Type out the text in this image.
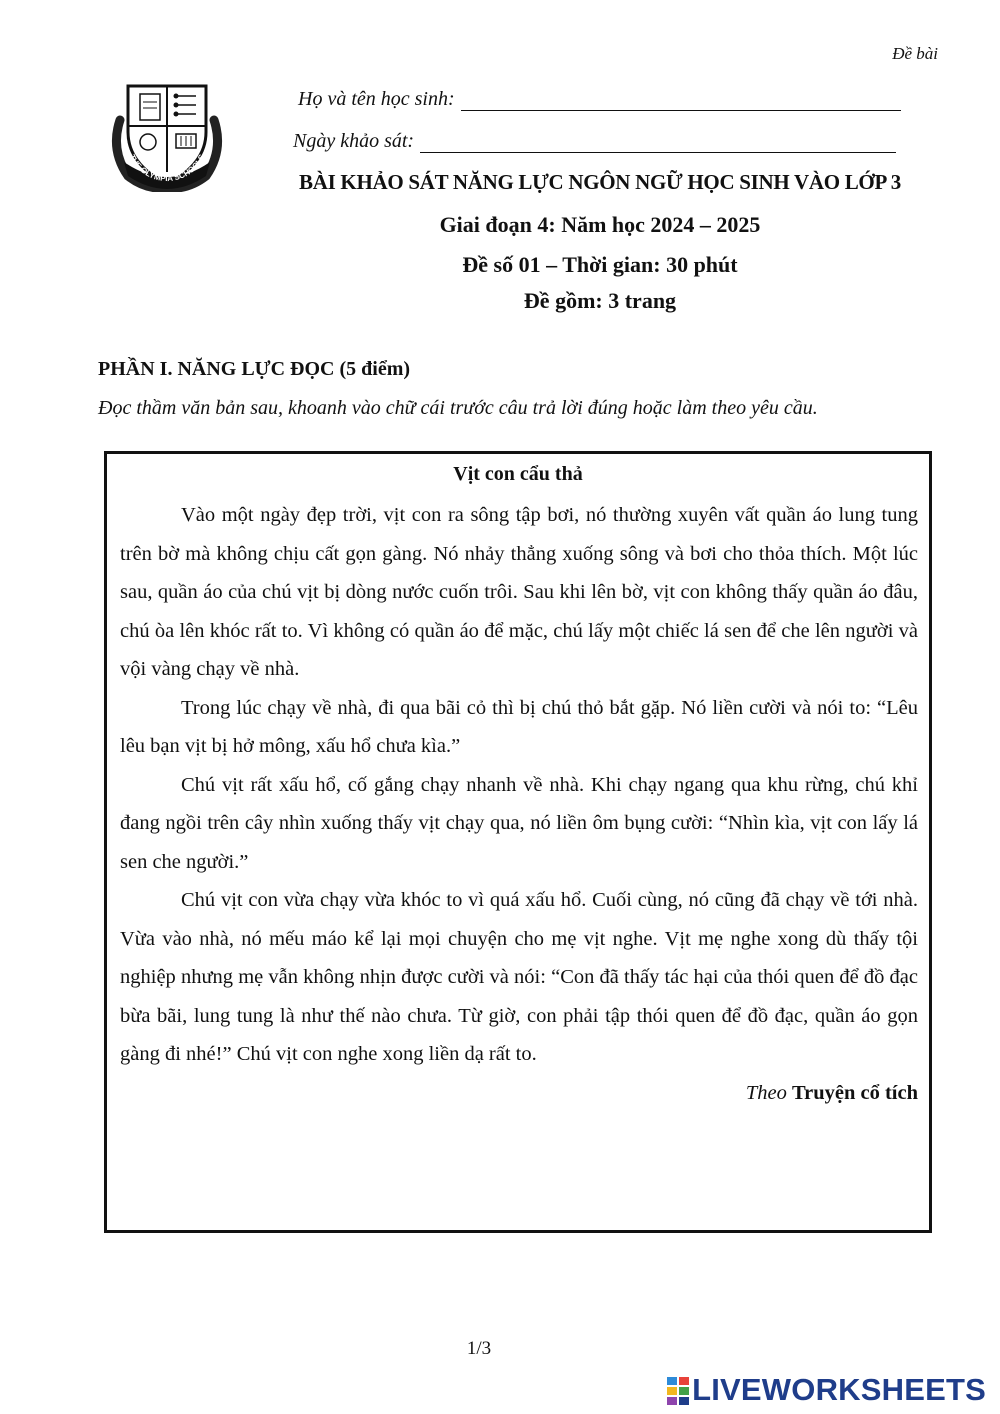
Đề bài
THE OLYMPIA SCHOOLS
Họ và tên học sinh:
Ngày khảo sát:
BÀI KHẢO SÁT NĂNG LỰC NGÔN NGỮ HỌC SINH VÀO LỚP 3
Giai đoạn 4: Năm học 2024 – 2025
Đề số 01 – Thời gian: 30 phút
Đề gồm: 3 trang
PHẦN I. NĂNG LỰC ĐỌC (5 điểm)
Đọc thầm văn bản sau, khoanh vào chữ cái trước câu trả lời đúng hoặc làm theo yêu cầu.
Vịt con cẩu thả

Vào một ngày đẹp trời, vịt con ra sông tập bơi, nó thường xuyên vất quần áo lung tung trên bờ mà không chịu cất gọn gàng. Nó nhảy thẳng xuống sông và bơi cho thỏa thích. Một lúc sau, quần áo của chú vịt bị dòng nước cuốn trôi. Sau khi lên bờ, vịt con không thấy quần áo đâu, chú òa lên khóc rất to. Vì không có quần áo để mặc, chú lấy một chiếc lá sen để che lên người và vội vàng chạy về nhà.

Trong lúc chạy về nhà, đi qua bãi cỏ thì bị chú thỏ bắt gặp. Nó liền cười và nói to: “Lêu lêu bạn vịt bị hở mông, xấu hổ chưa kìa.”

Chú vịt rất xấu hổ, cố gắng chạy nhanh về nhà. Khi chạy ngang qua khu rừng, chú khỉ đang ngồi trên cây nhìn xuống thấy vịt chạy qua, nó liền ôm bụng cười: “Nhìn kìa, vịt con lấy lá sen che người.”

Chú vịt con vừa chạy vừa khóc to vì quá xấu hổ. Cuối cùng, nó cũng đã chạy về tới nhà. Vừa vào nhà, nó mếu máo kể lại mọi chuyện cho mẹ vịt nghe. Vịt mẹ nghe xong dù thấy tội nghiệp nhưng mẹ vẫn không nhịn được cười và nói: “Con đã thấy tác hại của thói quen để đồ đạc bừa bãi, lung tung là như thế nào chưa. Từ giờ, con phải tập thói quen để đồ đạc, quần áo gọn gàng đi nhé!” Chú vịt con nghe xong liền dạ rất to.

Theo Truyện cổ tích
1/3
LIVEWORKSHEETS
